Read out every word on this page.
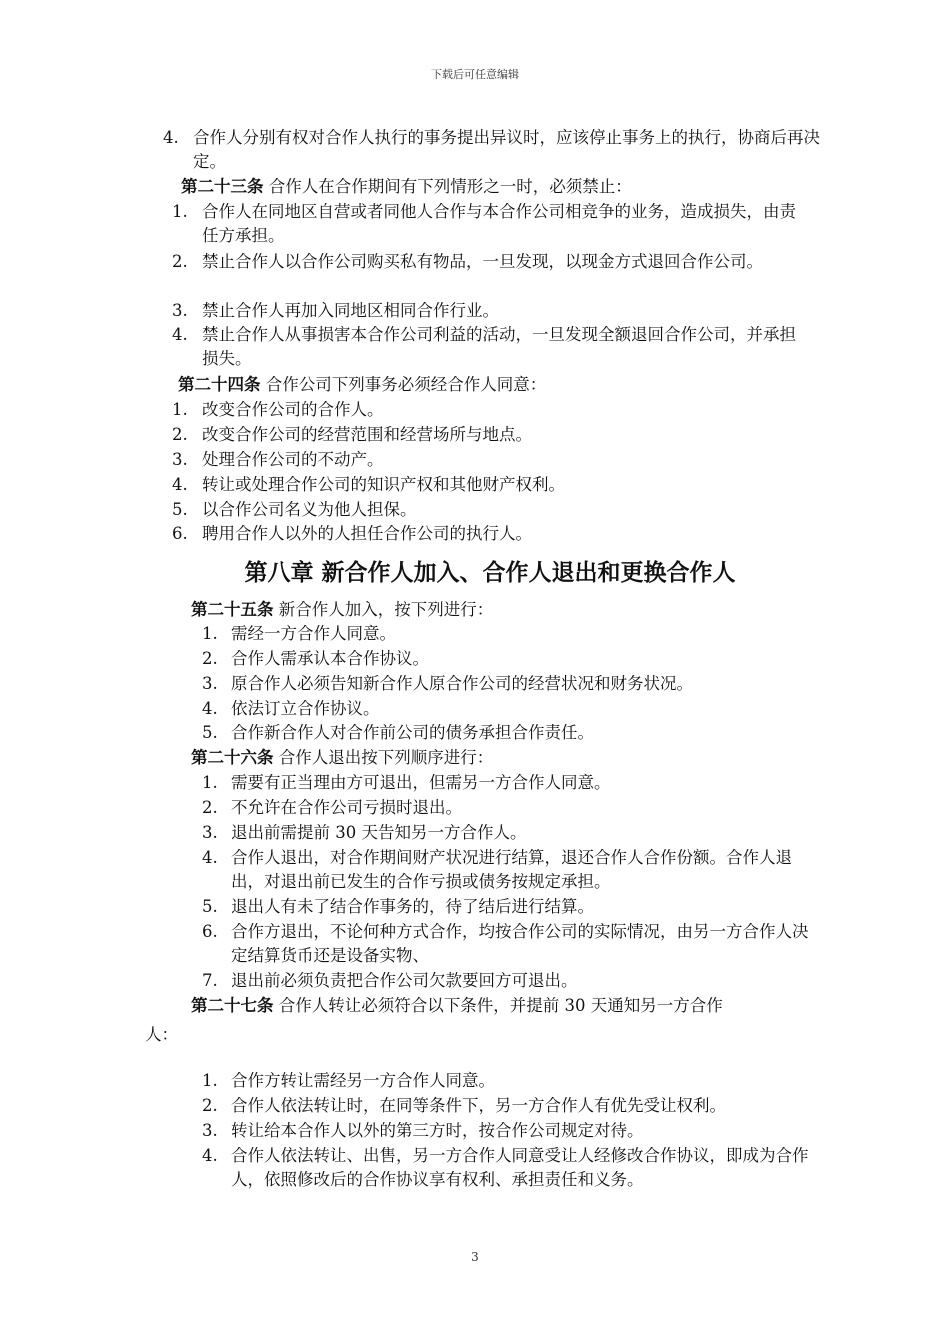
下载后可任意编辑
4. 合作人分别有权对合作人执行的事务提出异议时，应该停止事务上的执行，协商后再决定。
第二十三条 合作人在合作期间有下列情形之一时，必须禁止：
1. 合作人在同地区自营或者同他人合作与本合作公司相竞争的业务，造成损失，由责任方承担。
2. 禁止合作人以合作公司购买私有物品，一旦发现，以现金方式退回合作公司。
3. 禁止合作人再加入同地区相同合作行业。
4. 禁止合作人从事损害本合作公司利益的活动，一旦发现全额退回合作公司，并承担损失。
第二十四条 合作公司下列事务必须经合作人同意：
1. 改变合作公司的合作人。
2. 改变合作公司的经营范围和经营场所与地点。
3. 处理合作公司的不动产。
4. 转让或处理合作公司的知识产权和其他财产权利。
5. 以合作公司名义为他人担保。
6. 聘用合作人以外的人担任合作公司的执行人。
第八章 新合作人加入、合作人退出和更换合作人
第二十五条 新合作人加入，按下列进行：
1. 需经一方合作人同意。
2. 合作人需承认本合作协议。
3. 原合作人必须告知新合作人原合作公司的经营状况和财务状况。
4. 依法订立合作协议。
5. 合作新合作人对合作前公司的债务承担合作责任。
第二十六条 合作人退出按下列顺序进行：
1. 需要有正当理由方可退出，但需另一方合作人同意。
2. 不允许在合作公司亏损时退出。
3. 退出前需提前 30 天告知另一方合作人。
4. 合作人退出，对合作期间财产状况进行结算，退还合作人合作份额。合作人退出，对退出前已发生的合作亏损或债务按规定承担。
5. 退出人有未了结合作事务的，待了结后进行结算。
6. 合作方退出，不论何种方式合作，均按合作公司的实际情况，由另一方合作人决定结算货币还是设备实物、
7. 退出前必须负责把合作公司欠款要回方可退出。
第二十七条 合作人转让必须符合以下条件，并提前 30 天通知另一方合作
人：
1. 合作方转让需经另一方合作人同意。
2. 合作人依法转让时，在同等条件下，另一方合作人有优先受让权利。
3. 转让给本合作人以外的第三方时，按合作公司规定对待。
4. 合作人依法转让、出售，另一方合作人同意受让人经修改合作协议，即成为合作人，依照修改后的合作协议享有权利、承担责任和义务。
3
